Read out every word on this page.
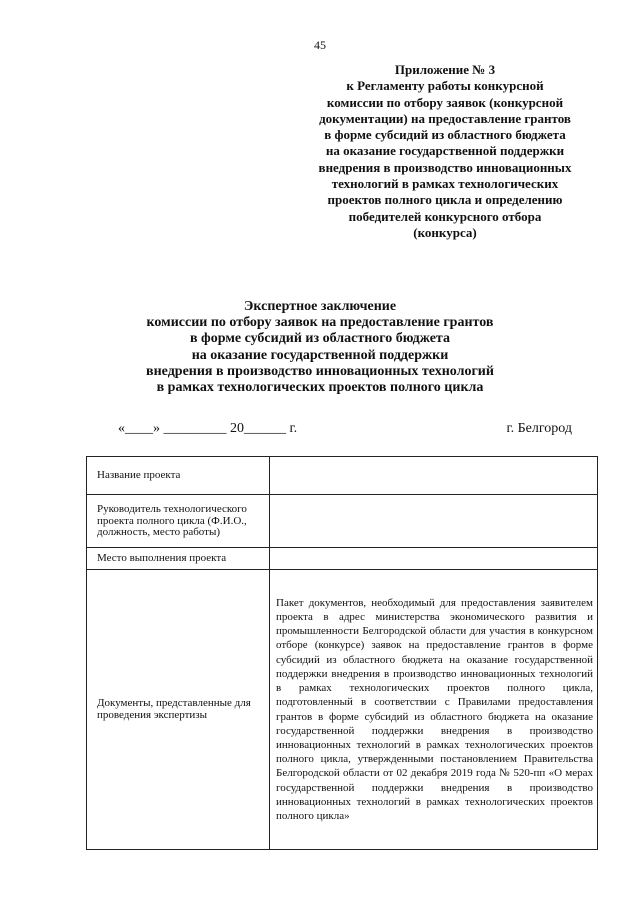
45
Приложение № 3
к Регламенту работы конкурсной
комиссии по отбору заявок (конкурсной
документации) на предоставление грантов
в форме субсидий из областного бюджета
на оказание государственной поддержки
внедрения в производство инновационных
технологий в рамках технологических
проектов полного цикла и определению
победителей конкурсного отбора
(конкурса)
Экспертное заключение
комиссии по отбору заявок на предоставление грантов
в форме субсидий из областного бюджета
на оказание государственной поддержки
внедрения в производство инновационных технологий
в рамках технологических проектов полного цикла
«____» _________ 20______ г.	г. Белгород
Название проекта	
Руководитель технологического проекта полного цикла (Ф.И.О., должность, место работы)	
Место выполнения проекта	
Документы, представленные для проведения экспертизы	Пакет документов, необходимый для предоставления заявителем проекта в адрес министерства экономического развития и промышленности Белгородской области для участия в конкурсном отборе (конкурсе) заявок на предоставление грантов в форме субсидий из областного бюджета на оказание государственной поддержки внедрения в производство инновационных технологий в рамках технологических проектов полного цикла, подготовленный в соответствии с Правилами предоставления грантов в форме субсидий из областного бюджета на оказание государственной поддержки внедрения в производство инновационных технологий в рамках технологических проектов полного цикла, утвержденными постановлением Правительства Белгородской области от 02 декабря 2019 года № 520-пп «О мерах государственной поддержки внедрения в производство инновационных технологий в рамках технологических проектов полного цикла»
